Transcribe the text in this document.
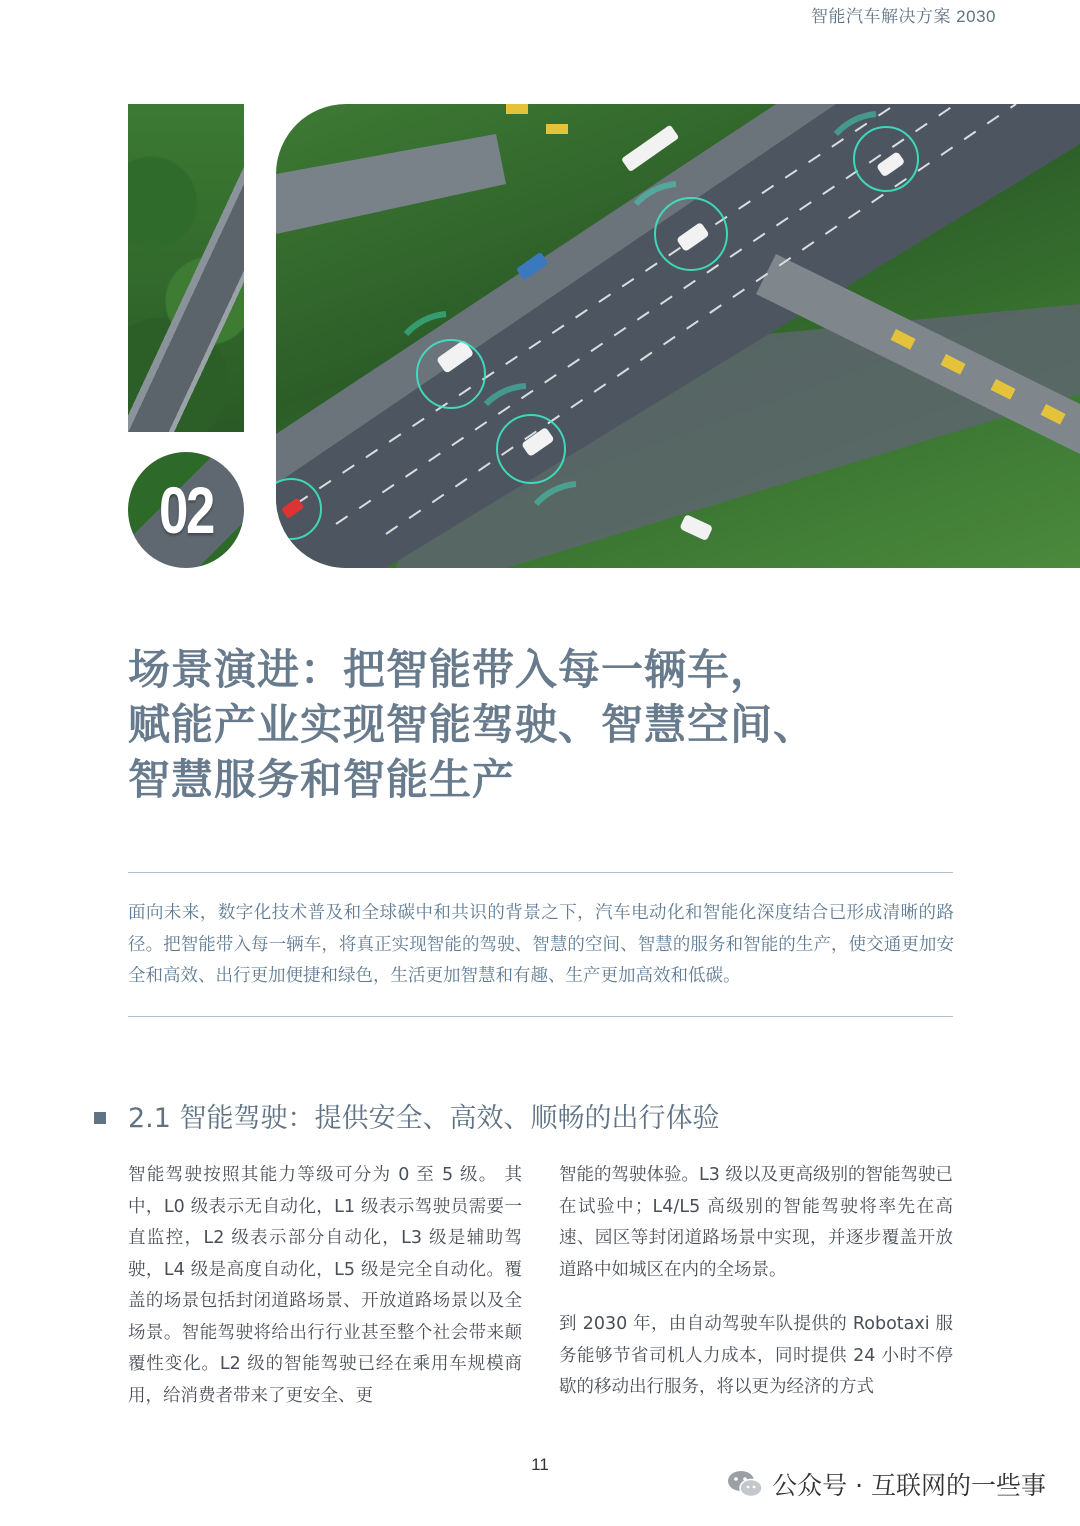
智能汽车解决方案 2030
02
场景演进：把智能带入每一辆车，
赋能产业实现智能驾驶、智慧空间、
智慧服务和智能生产
面向未来，数字化技术普及和全球碳中和共识的背景之下，汽车电动化和智能化深度结合已形成清晰的路径。把智能带入每一辆车，将真正实现智能的驾驶、智慧的空间、智慧的服务和智能的生产，使交通更加安全和高效、出行更加便捷和绿色，生活更加智慧和有趣、生产更加高效和低碳。
2.1 智能驾驶：提供安全、高效、顺畅的出行体验

智能驾驶按照其能力等级可分为 0 至 5 级。 其中，L0 级表示无自动化，L1 级表示驾驶员需要一直监控，L2 级表示部分自动化，L3 级是辅助驾驶，L4 级是高度自动化，L5 级是完全自动化。覆盖的场景包括封闭道路场景、开放道路场景以及全场景。智能驾驶将给出行行业甚至整个社会带来颠覆性变化。L2 级的智能驾驶已经在乘用车规模商用，给消费者带来了更安全、更

智能的驾驶体验。L3 级以及更高级别的智能驾驶已在试验中；L4/L5 高级别的智能驾驶将率先在高速、园区等封闭道路场景中实现，并逐步覆盖开放道路中如城区在内的全场景。

到 2030 年，由自动驾驶车队提供的 Robotaxi 服务能够节省司机人力成本，同时提供 24 小时不停歇的移动出行服务，将以更为经济的方式

11
公众号 · 互联网的一些事
